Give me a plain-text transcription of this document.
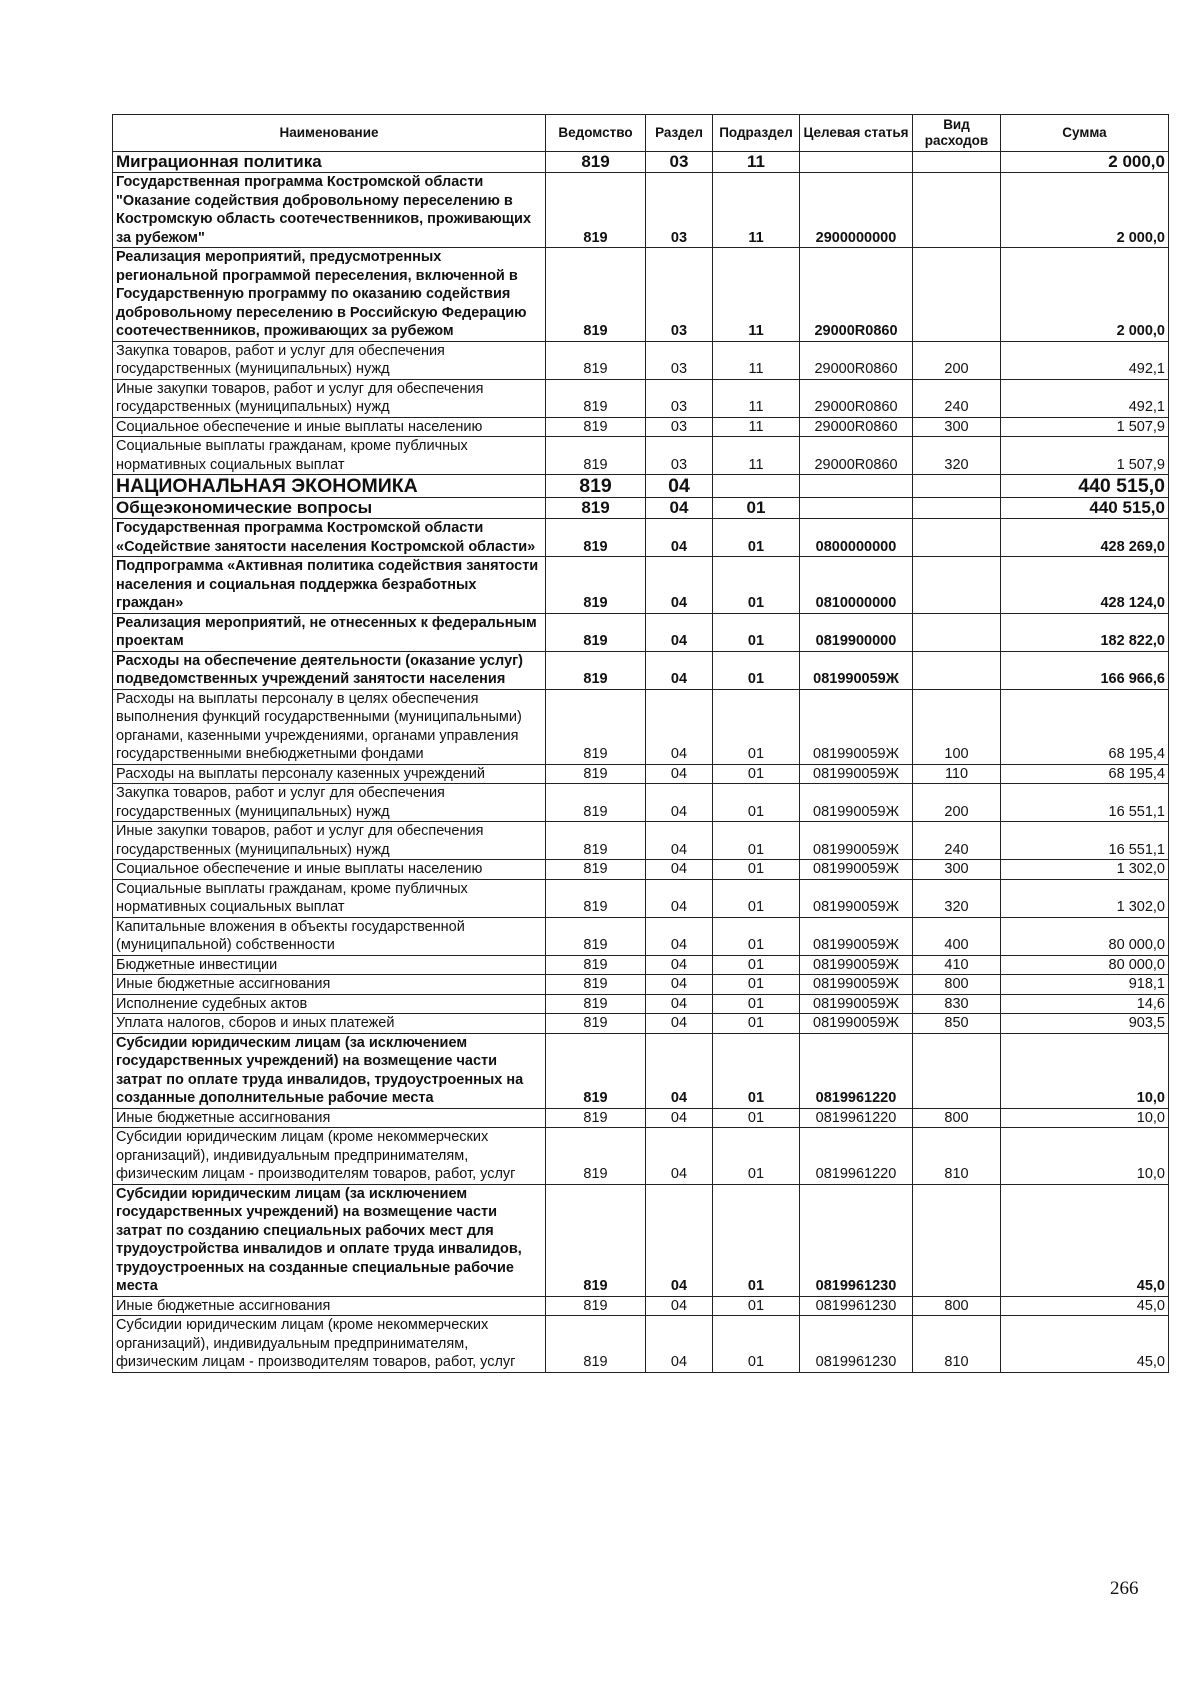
Наименование	Ведомство	Раздел	Подраздел	Целевая статья	Вид расходов	Сумма
Миграционная политика	819	03	11			2 000,0
Государственная программа Костромской области "Оказание содействия добровольному переселению в Костромскую область соотечественников, проживающих за рубежом"	819	03	11	2900000000		2 000,0
Реализация мероприятий, предусмотренных региональной программой переселения, включенной в Государственную программу по оказанию содействия добровольному переселению в Российскую Федерацию соотечественников, проживающих за рубежом	819	03	11	29000R0860		2 000,0
Закупка товаров, работ и услуг для обеспечения государственных (муниципальных) нужд	819	03	11	29000R0860	200	492,1
Иные закупки товаров, работ и услуг для обеспечения государственных (муниципальных) нужд	819	03	11	29000R0860	240	492,1
Социальное обеспечение и иные выплаты населению	819	03	11	29000R0860	300	1 507,9
Социальные выплаты гражданам, кроме публичных нормативных социальных выплат	819	03	11	29000R0860	320	1 507,9
НАЦИОНАЛЬНАЯ ЭКОНОМИКА	819	04				440 515,0
Общеэкономические вопросы	819	04	01			440 515,0
Государственная программа Костромской области «Содействие занятости населения Костромской области»	819	04	01	0800000000		428 269,0
Подпрограмма «Активная политика содействия занятости населения и социальная поддержка безработных граждан»	819	04	01	0810000000		428 124,0
Реализация мероприятий, не отнесенных к федеральным проектам	819	04	01	0819900000		182 822,0
Расходы на обеспечение деятельности (оказание услуг) подведомственных учреждений занятости населения	819	04	01	081990059Ж		166 966,6
Расходы на выплаты персоналу в целях обеспечения выполнения функций государственными (муниципальными) органами, казенными учреждениями, органами управления государственными внебюджетными фондами	819	04	01	081990059Ж	100	68 195,4
Расходы на выплаты персоналу казенных учреждений	819	04	01	081990059Ж	110	68 195,4
Закупка товаров, работ и услуг для обеспечения государственных (муниципальных) нужд	819	04	01	081990059Ж	200	16 551,1
Иные закупки товаров, работ и услуг для обеспечения государственных (муниципальных) нужд	819	04	01	081990059Ж	240	16 551,1
Социальное обеспечение и иные выплаты населению	819	04	01	081990059Ж	300	1 302,0
Социальные выплаты гражданам, кроме публичных нормативных социальных выплат	819	04	01	081990059Ж	320	1 302,0
Капитальные вложения в объекты государственной (муниципальной) собственности	819	04	01	081990059Ж	400	80 000,0
Бюджетные инвестиции	819	04	01	081990059Ж	410	80 000,0
Иные бюджетные ассигнования	819	04	01	081990059Ж	800	918,1
Исполнение судебных актов	819	04	01	081990059Ж	830	14,6
Уплата налогов, сборов и иных платежей	819	04	01	081990059Ж	850	903,5
Субсидии юридическим лицам (за исключением государственных учреждений) на возмещение части затрат по оплате труда инвалидов, трудоустроенных на созданные дополнительные рабочие места	819	04	01	0819961220		10,0
Иные бюджетные ассигнования	819	04	01	0819961220	800	10,0
Субсидии юридическим лицам (кроме некоммерческих организаций), индивидуальным предпринимателям, физическим лицам - производителям товаров, работ, услуг	819	04	01	0819961220	810	10,0
Субсидии юридическим лицам (за исключением государственных учреждений) на возмещение части затрат по созданию специальных рабочих мест для трудоустройства инвалидов и оплате труда инвалидов, трудоустроенных на созданные специальные рабочие места	819	04	01	0819961230		45,0
Иные бюджетные ассигнования	819	04	01	0819961230	800	45,0
Субсидии юридическим лицам (кроме некоммерческих организаций), индивидуальным предпринимателям, физическим лицам - производителям товаров, работ, услуг	819	04	01	0819961230	810	45,0
266
